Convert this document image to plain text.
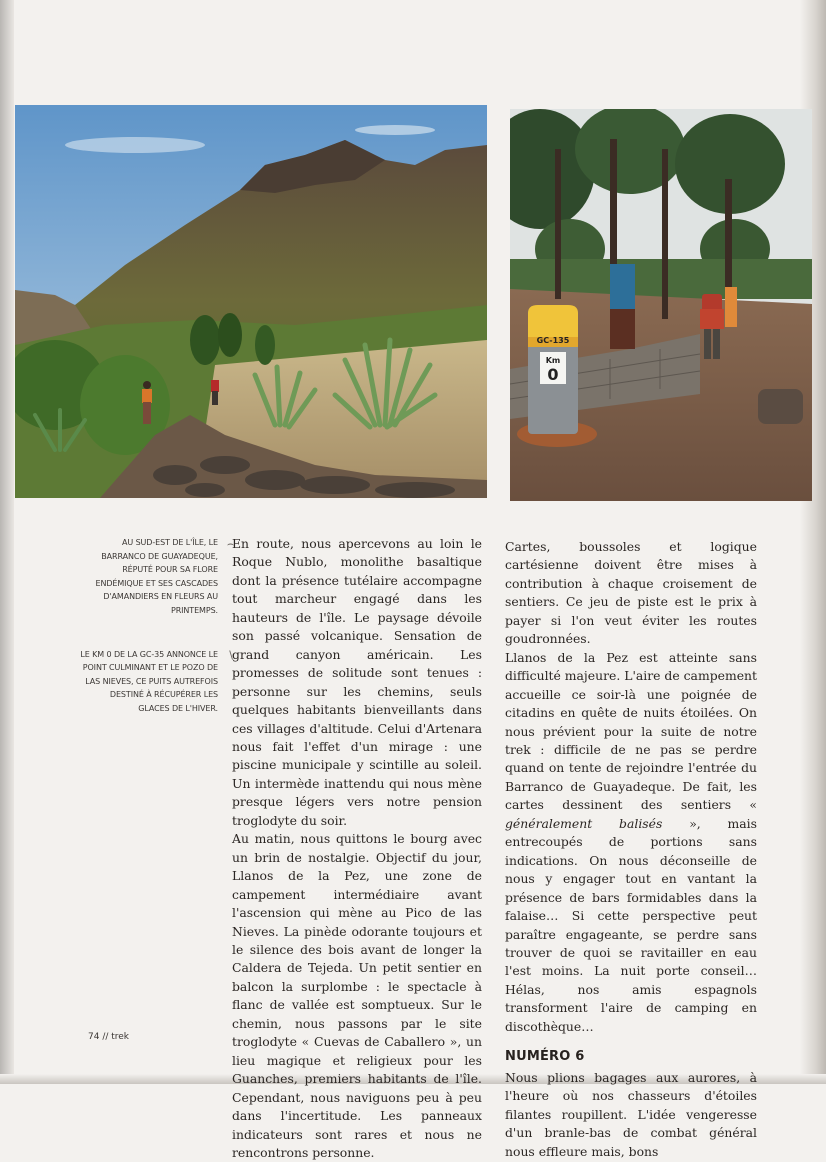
GC-135
Km
0
AU SUD-EST DE L'ÎLE, LE BARRANCO DE GUAYADEQUE, RÉPUTÉ POUR SA FLORE ENDÉMIQUE ET SES CASCADES D'AMANDIERS EN FLEURS AU PRINTEMPS.
⌢
LE KM 0 DE LA GC-35 ANNONCE LE POINT CULMINANT ET LE POZO DE LAS NIEVES, CE PUITS AUTREFOIS DESTINÉ À RÉCUPÉRER LES GLACES DE L'HIVER.
∖

En route, nous apercevons au loin le Roque Nublo, monolithe basaltique dont la présence tutélaire accompagne tout marcheur engagé dans les hauteurs de l'île. Le paysage dévoile son passé volcanique. Sensation de grand canyon américain. Les promesses de solitude sont tenues : personne sur les chemins, seuls quelques habitants bienveillants dans ces villages d'altitude. Celui d'Artenara nous fait l'effet d'un mirage : une piscine municipale y scintille au soleil. Un intermède inattendu qui nous mène presque légers vers notre pension troglodyte du soir.

Au matin, nous quittons le bourg avec un brin de nostalgie. Objectif du jour, Llanos de la Pez, une zone de campement intermédiaire avant l'ascension qui mène au Pico de las Nieves. La pinède odorante toujours et le silence des bois avant de longer la Caldera de Tejeda. Un petit sentier en balcon la surplombe : le spectacle à flanc de vallée est somptueux. Sur le chemin, nous passons par le site troglodyte « Cuevas de Caballero », un lieu magique et religieux pour les Guanches, premiers habitants de l'île. Cependant, nous naviguons peu à peu dans l'incertitude. Les panneaux indicateurs sont rares et nous ne rencontrons personne.

Cartes, boussoles et logique cartésienne doivent être mises à contribution à chaque croisement de sentiers. Ce jeu de piste est le prix à payer si l'on veut éviter les routes goudronnées.

Llanos de la Pez est atteinte sans difficulté majeure. L'aire de campement accueille ce soir-là une poignée de citadins en quête de nuits étoilées. On nous prévient pour la suite de notre trek : difficile de ne pas se perdre quand on tente de rejoindre l'entrée du Barranco de Guayadeque. De fait, les cartes dessinent des sentiers « généralement balisés », mais entrecoupés de portions sans indications. On nous déconseille de nous y engager tout en vantant la présence de bars formidables dans la falaise… Si cette perspective peut paraître engageante, se perdre sans trouver de quoi se ravitailler en eau l'est moins. La nuit porte conseil… Hélas, nos amis espagnols transforment l'aire de camping en discothèque…

NUMÉRO 6

Nous plions bagages aux aurores, à l'heure où nos chasseurs d'étoiles filantes roupillent. L'idée vengeresse d'un branle-bas de combat général nous effleure mais, bons

74 // trek
